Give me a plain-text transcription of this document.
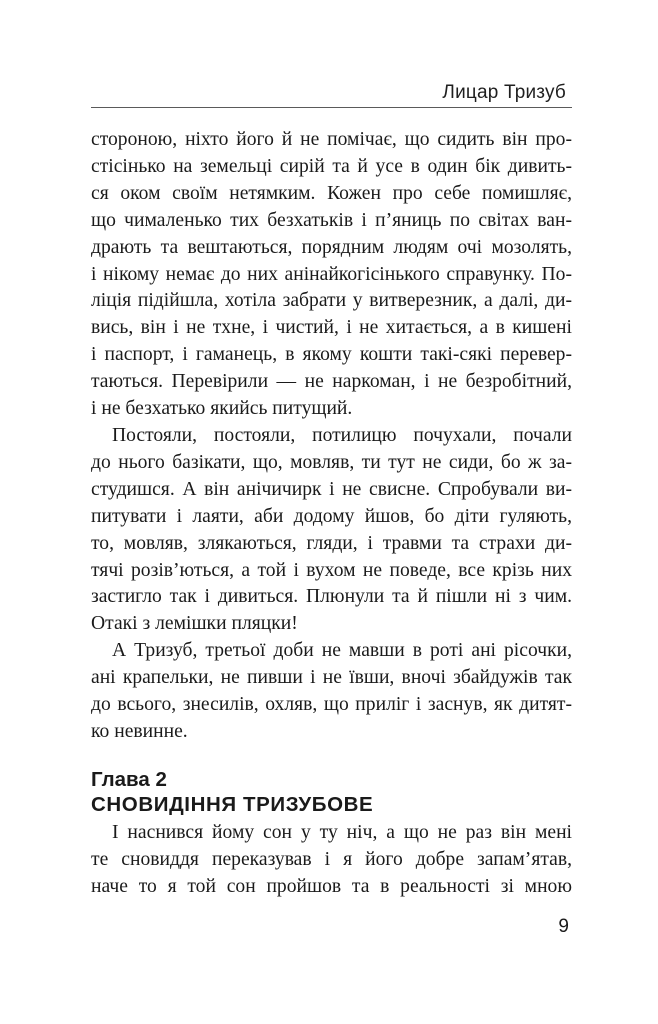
Лицар Тризуб
стороною, ніхто його й не помічає, що сидить він про-
стісінько на земельці сирій та й усе в один бік дивить-
ся оком своїм нетямким. Кожен про себе помишляє,
що чималенько тих безхатьків і п’яниць по світах ван-
драють та вештаються, порядним людям очі мозолять,
і нікому немає до них анінайкогісінького справунку. По-
ліція підійшла, хотіла забрати у витверезник, а далі, ди-
вись, він і не тхне, і чистий, і не хитається, а в кишені
і паспорт, і гаманець, в якому кошти такі-сякі перевер-
таються. Перевірили — не наркоман, і не безробітний,
і не безхатько якийсь питущий.
Постояли, постояли, потилицю почухали, почали
до нього базікати, що, мовляв, ти тут не сиди, бо ж за-
студишся. А він анічичирк і не свисне. Спробували ви-
питувати і лаяти, аби додому йшов, бо діти гуляють,
то, мовляв, злякаються, гляди, і травми та страхи ди-
тячі розів’ються, а той і вухом не поведе, все крізь них
застигло так і дивиться. Плюнули та й пішли ні з чим.
Отакі з лемішки пляцки!
А Тризуб, третьої доби не мавши в роті ані рісочки,
ані крапельки, не пивши і не ївши, вночі збайдужів так
до всього, знесилів, охляв, що приліг і заснув, як дитят-
ко невинне.
Глава 2
СНОВИДІННЯ ТРИЗУБОВЕ
І наснився йому сон у ту ніч, а що не раз він мені
те сновиддя переказував і я його добре запам’ятав,
наче то я той сон пройшов та в реальності зі мною
9
